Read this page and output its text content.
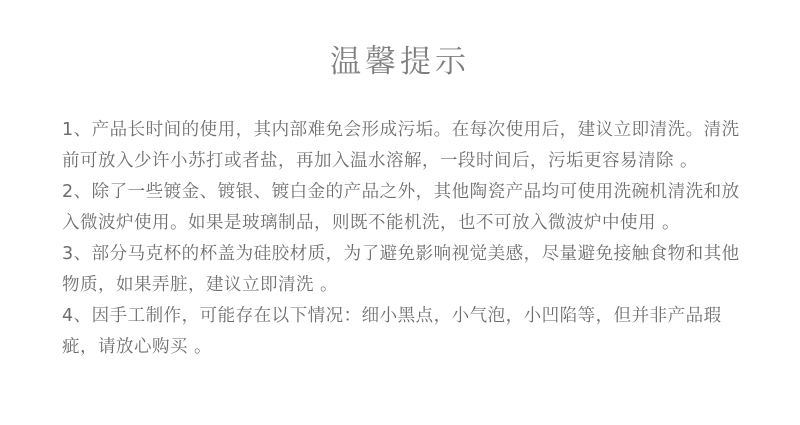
温馨提示

1、产品长时间的使用，其内部难免会形成污垢。在每次使用后，建议立即清洗。清洗前可放入少许小苏打或者盐，再加入温水溶解，一段时间后，污垢更容易清除 。

2、除了一些镀金、镀银、镀白金的产品之外，其他陶瓷产品均可使用洗碗机清洗和放入微波炉使用。如果是玻璃制品，则既不能机洗，也不可放入微波炉中使用 。

3、部分马克杯的杯盖为硅胶材质，为了避免影响视觉美感，尽量避免接触食物和其他物质，如果弄脏，建议立即清洗 。

4、因手工制作，可能存在以下情况：细小黑点，小气泡，小凹陷等，但并非产品瑕疵，请放心购买 。
